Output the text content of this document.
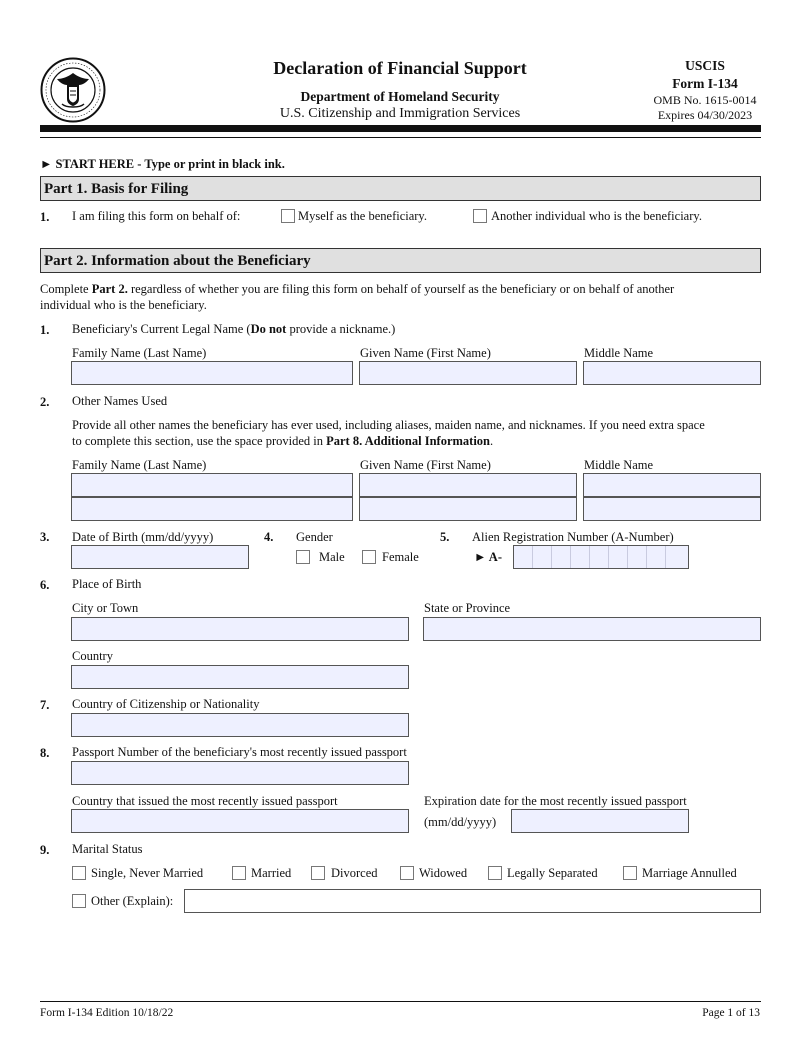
Declaration of Financial Support
Department of Homeland Security
U.S. Citizenship and Immigration Services
USCIS
Form I-134
OMB No. 1615-0014
Expires 04/30/2023
► START HERE - Type or print in black ink.
Part 1. Basis for Filing
1. I am filing this form on behalf of:	Myself as the beneficiary.	Another individual who is the beneficiary.
Part 2. Information about the Beneficiary
Complete Part 2. regardless of whether you are filing this form on behalf of yourself as the beneficiary or on behalf of another
individual who is the beneficiary.
1. Beneficiary's Current Legal Name (Do not provide a nickname.)
Family Name (Last Name)	Given Name (First Name)	Middle Name
2. Other Names Used
Provide all other names the beneficiary has ever used, including aliases, maiden name, and nicknames. If you need extra space
to complete this section, use the space provided in Part 8. Additional Information.
Family Name (Last Name)	Given Name (First Name)	Middle Name
3. Date of Birth (mm/dd/yyyy)	4. Gender
Male	Female
5. Alien Registration Number (A-Number)
► A-
6. Place of Birth
City or Town	State or Province
Country
7. Country of Citizenship or Nationality
8. Passport Number of the beneficiary's most recently issued passport
Country that issued the most recently issued passport	Expiration date for the most recently issued passport
(mm/dd/yyyy)
9. Marital Status
Single, Never Married	Married	Divorced	Widowed	Legally Separated	Marriage Annulled
Other (Explain):
Form I-134 Edition 10/18/22	Page 1 of 13
